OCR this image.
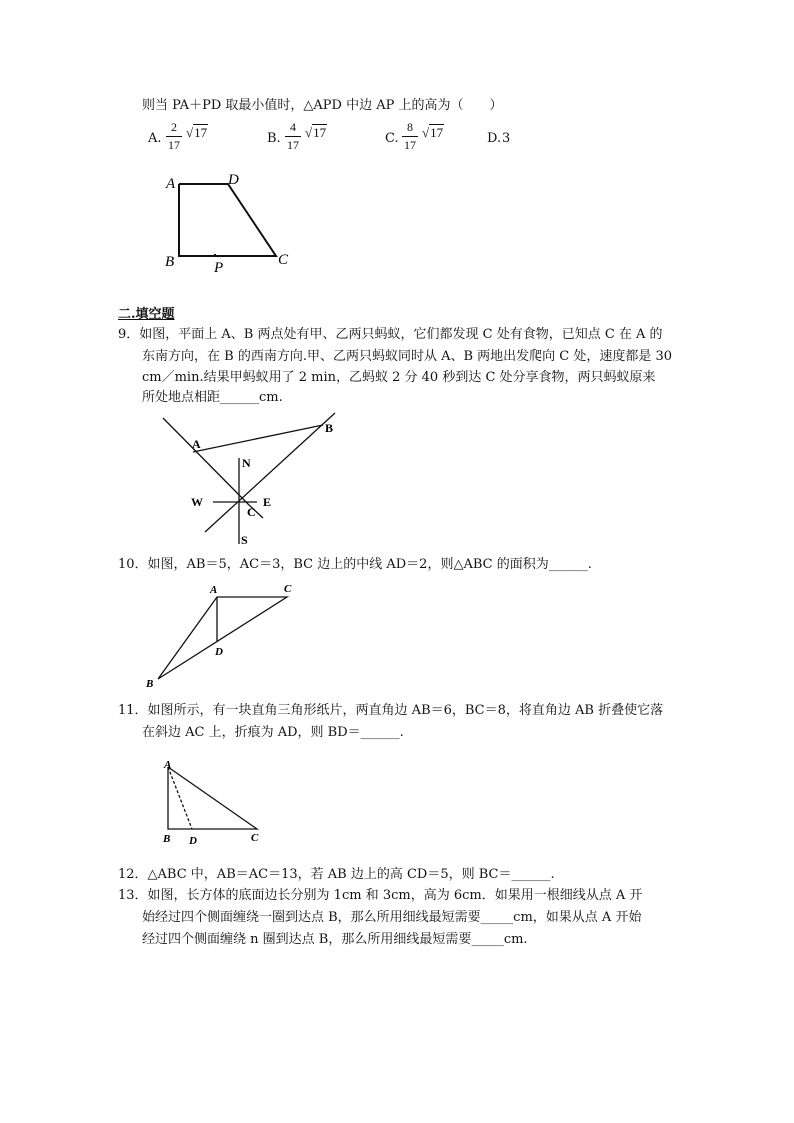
则当 PA＋PD 取最小值时，△APD 中边 AP 上的高为（　　）
A.
2
17
√17	B.
4
17
√17	C.
8
17
√17	D. 3
A	D
C
B	P
二.填空题
9．如图，平面上 A、B 两点处有甲、乙两只蚂蚁，它们都发现 C 处有食物，已知点 C 在 A 的
东南方向，在 B 的西南方向.甲、乙两只蚂蚁同时从 A、B 两地出发爬向 C 处，速度都是 30
cm／min.结果甲蚂蚁用了 2 min，乙蚂蚁 2 分 40 秒到达 C 处分享食物，两只蚂蚁原来
所处地点相距______cm.
A
B
N
W	E
C
S
10．如图，AB＝5，AC＝3，BC 边上的中线 AD＝2，则△ABC 的面积为______.
A	C
D
B
11．如图所示，有一块直角三角形纸片，两直角边 AB＝6，BC＝8，将直角边 AB 折叠使它落
在斜边 AC 上，折痕为 AD，则 BD＝______.
A
B D	C
12．△ABC 中，AB＝AC＝13，若 AB 边上的高 CD＝5，则 BC＝______.
13．如图，长方体的底面边长分别为 1cm 和 3cm，高为 6cm．如果用一根细线从点 A 开
始经过四个侧面缠绕一圈到达点 B，那么所用细线最短需要_____cm，如果从点 A 开始
经过四个侧面缠绕 n 圈到达点 B，那么所用细线最短需要_____cm.
